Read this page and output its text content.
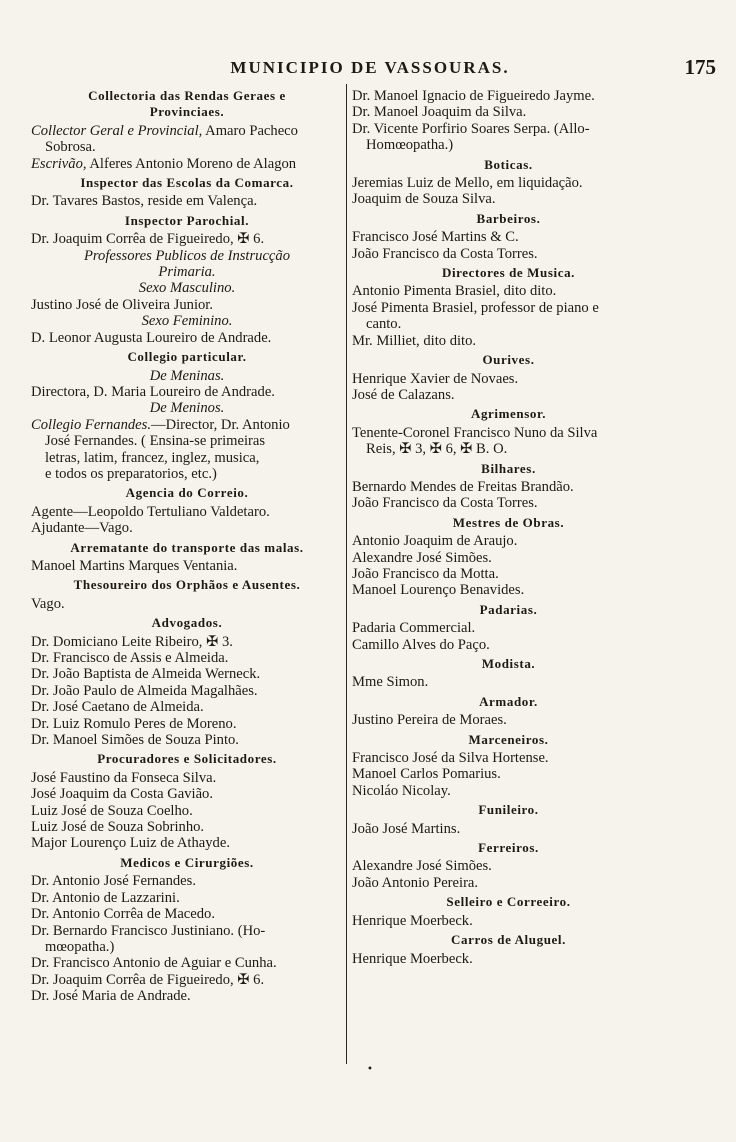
MUNICIPIO DE VASSOURAS.	175
Collectoria das Rendas Geraes e
Provinciaes.
Collector Geral e Provincial, Amaro Pacheco
Sobrosa.
Escrivão, Alferes Antonio Moreno de Alagon
Inspector das Escolas da Comarca.
Dr. Tavares Bastos, reside em Valença.
Inspector Parochial.
Dr. Joaquim Corrêa de Figueiredo, ✠ 6.
Professores Publicos de Instrucção
Primaria.
Sexo Masculino.
Justino José de Oliveira Junior.
Sexo Feminino.
D. Leonor Augusta Loureiro de Andrade.
Collegio particular.
De Meninas.
Directora, D. Maria Loureiro de Andrade.
De Meninos.
Collegio Fernandes.—Director, Dr. Antonio
José Fernandes. ( Ensina-se primeiras
letras, latim, francez, inglez, musica,
e todos os preparatorios, etc.)
Agencia do Correio.
Agente—Leopoldo Tertuliano Valdetaro.
Ajudante—Vago.
Arrematante do transporte das malas.
Manoel Martins Marques Ventania.
Thesoureiro dos Orphãos e Ausentes.
Vago.
Advogados.
Dr. Domiciano Leite Ribeiro, ✠ 3.
Dr. Francisco de Assis e Almeida.
Dr. João Baptista de Almeida Werneck.
Dr. João Paulo de Almeida Magalhães.
Dr. José Caetano de Almeida.
Dr. Luiz Romulo Peres de Moreno.
Dr. Manoel Simões de Souza Pinto.
Procuradores e Solicitadores.
José Faustino da Fonseca Silva.
José Joaquim da Costa Gavião.
Luiz José de Souza Coelho.
Luiz José de Souza Sobrinho.
Major Lourenço Luiz de Athayde.
Medicos e Cirurgiões.
Dr. Antonio José Fernandes.
Dr. Antonio de Lazzarini.
Dr. Antonio Corrêa de Macedo.
Dr. Bernardo Francisco Justiniano. (Ho-
mœopatha.)
Dr. Francisco Antonio de Aguiar e Cunha.
Dr. Joaquim Corrêa de Figueiredo, ✠ 6.
Dr. José Maria de Andrade.
Dr. Manoel Ignacio de Figueiredo Jayme.
Dr. Manoel Joaquim da Silva.
Dr. Vicente Porfirio Soares Serpa. (Allo-
Homœopatha.)
Boticas.
Jeremias Luiz de Mello, em liquidação.
Joaquim de Souza Silva.
Barbeiros.
Francisco José Martins & C.
João Francisco da Costa Torres.
Directores de Musica.
Antonio Pimenta Brasiel, dito dito.
José Pimenta Brasiel, professor de piano e
canto.
Mr. Milliet, dito dito.
Ourives.
Henrique Xavier de Novaes.
José de Calazans.
Agrimensor.
Tenente-Coronel Francisco Nuno da Silva
Reis, ✠ 3, ✠ 6, ✠ B. O.
Bilhares.
Bernardo Mendes de Freitas Brandão.
João Francisco da Costa Torres.
Mestres de Obras.
Antonio Joaquim de Araujo.
Alexandre José Simões.
João Francisco da Motta.
Manoel Lourenço Benavides.
Padarias.
Padaria Commercial.
Camillo Alves do Paço.
Modista.
Mme Simon.
Armador.
Justino Pereira de Moraes.
Marceneiros.
Francisco José da Silva Hortense.
Manoel Carlos Pomarius.
Nicoláo Nicolay.
Funileiro.
João José Martins.
Ferreiros.
Alexandre José Simões.
João Antonio Pereira.
Selleiro e Correeiro.
Henrique Moerbeck.
Carros de Aluguel.
Henrique Moerbeck.
•
